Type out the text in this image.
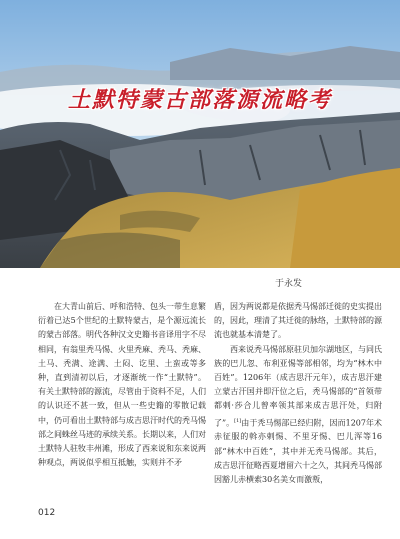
土默特蒙古部落源流略考
于永发

在大青山前后、呼和浩特、包头一带生息繁衍着已达5个世纪的土默特蒙古，是个源远流长的蒙古部落。明代各种汉文史籍书音译用字不尽相同，有翁里秃马惕、火里秃麻、秃马、秃麻、土马、秃满、途满、土闷、讫里、土蛮或等多种，直到清初以后，才逐渐统一作“土默特”。有关土默特部的源流，尽管由于资料不足，人们的认识还不甚一致，但从一些史籍的零散记载中，仍可看出土默特部与成吉思汗时代的秃马惕部之间蛛丝马迹的承续关系。长期以来，人们对土默特人驻牧丰州滩，形成了西来说和东来说两种观点，两说似乎相互抵触，实则并不矛

盾，因为两说都是依据秃马惕部迁徙的史实提出的，因此，理清了其迁徙的脉络，土默特部的源流也就基本清楚了。

西来说秃马惕部原驻贝加尔湖地区，与同氏族的巴儿忽、布利亚惕等部相邻，均为“林木中百姓”。1206年（成吉思汗元年），成吉思汗建立蒙古汗国并即汗位之后，秃马惕部的“首领带都剌·莎合儿曾率领其部来成吉思汗处，归附了”。[1]由于秃马惕部已经归附，因而1207年术赤征服的斡亦剌惕、不里牙惕、巴儿浑等16部“林木中百姓”，其中并无秃马惕部。其后，成吉思汗征略西夏增留六十之久，其间秃马惕部因豁儿赤横索30名美女而激叛，

012
